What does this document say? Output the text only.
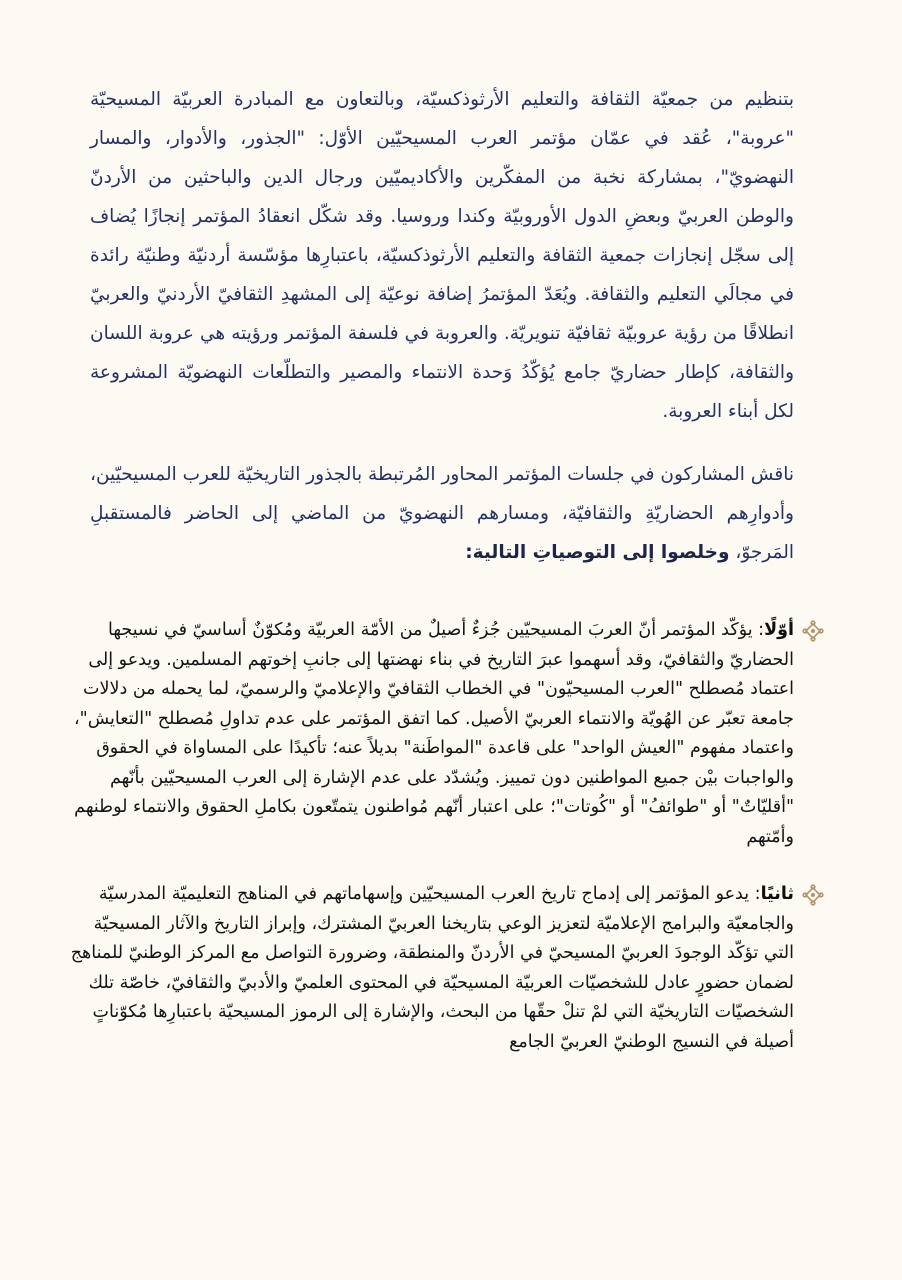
بتنظيم من جمعيّة الثقافة والتعليم الأرثوذكسيّة، وبالتعاون مع المبادرة العربيّة المسيحيّة "عروبة"، عُقد في عمّان مؤتمر العرب المسيحيّين الأوّل: "الجذور، والأدوار، والمسار النهضويّ"، بمشاركة نخبة من المفكّرين والأكاديميّين ورجال الدين والباحثين من الأردنّ والوطن العربيّ وبعضِ الدول الأوروبيّة وكندا وروسيا. وقد شكّل انعقادُ المؤتمر إنجازًا يُضاف إلى سجّل إنجازات جمعية الثقافة والتعليم الأرثوذكسيّة، باعتبارِها مؤسّسة أردنيّة وطنيّة رائدة في مجالَي التعليم والثقافة. ويُعَدّ المؤتمرُ إضافة نوعيّة إلى المشهدِ الثقافيّ الأردنيّ والعربيّ انطلاقًا من رؤية عروبيّة ثقافيّة تنويريّة. والعروبة في فلسفة المؤتمر ورؤيته هي عروبة اللسان والثقافة، كإطار حضاريّ جامع يُؤكّدُ وَحدة الانتماء والمصير والتطلّعات النهضويّة المشروعة لكل أبناء العروبة.

ناقش المشاركون في جلسات المؤتمر المحاور المُرتبطة بالجذور التاريخيّة للعرب المسيحيّين، وأدوارِهم الحضاريّةِ والثقافيّة، ومسارهم النهضويّ من الماضي إلى الحاضر فالمستقبلِ المَرجوّ، وخلصوا إلى التوصياتِ التالية:

أوّلًا: يؤكّد المؤتمر أنّ العربَ المسيحيّين جُزءٌ أصيلٌ من الأمّة العربيّة ومُكوّنٌ أساسيّ في نسيجها الحضاريّ والثقافيّ، وقد أسهموا عبرَ التاريخ في بناء نهضتها إلى جانبِ إخوتهم المسلمين. ويدعو إلى اعتماد مُصطلح "العرب المسيحيّون" في الخطاب الثقافيّ والإعلاميّ والرسميّ، لما يحمله من دلالات جامعة تعبّر عن الهُويّة والانتماء العربيّ الأصيل. كما اتفق المؤتمر على عدم تداولِ مُصطلح "التعايش"، واعتماد مفهوم "العيش الواحد" على قاعدة "المواطَنة" بديلاً عنه؛ تأكيدًا على المساواة في الحقوق والواجبات بيْن جميع المواطنين دون تمييز. ويُشدّد على عدم الإشارة إلى العرب المسيحيّين بأنّهم "أقليّاتٌ" أو "طوائفُ" أو "كُوتات"؛ على اعتبار أنّهم مُواطنون يتمتّعون بكاملِ الحقوق والانتماء لوطنهم وأمّتهم
ثانيًا: يدعو المؤتمر إلى إدماج تاريخ العرب المسيحيّين وإسهاماتهم في المناهج التعليميّة المدرسيّة والجامعيّة والبرامج الإعلاميّة لتعزيز الوعي بتاريخنا العربيّ المشترك، وإبراز التاريخ والآثار المسيحيّة التي تؤكّد الوجودَ العربيّ المسيحيّ في الأردنّ والمنطقة، وضرورة التواصل مع المركز الوطنيّ للمناهج لضمان حضورٍ عادل للشخصيّات العربيّة المسيحيّة في المحتوى العلميّ والأدبيّ والثقافيّ، خاصّة تلك الشخصيّات التاريخيّة التي لمْ تنلْ حقّها من البحث، والإشارة إلى الرموز المسيحيّة باعتبارِها مُكوّناتٍ أصيلة في النسيج الوطنيّ العربيّ الجامع
